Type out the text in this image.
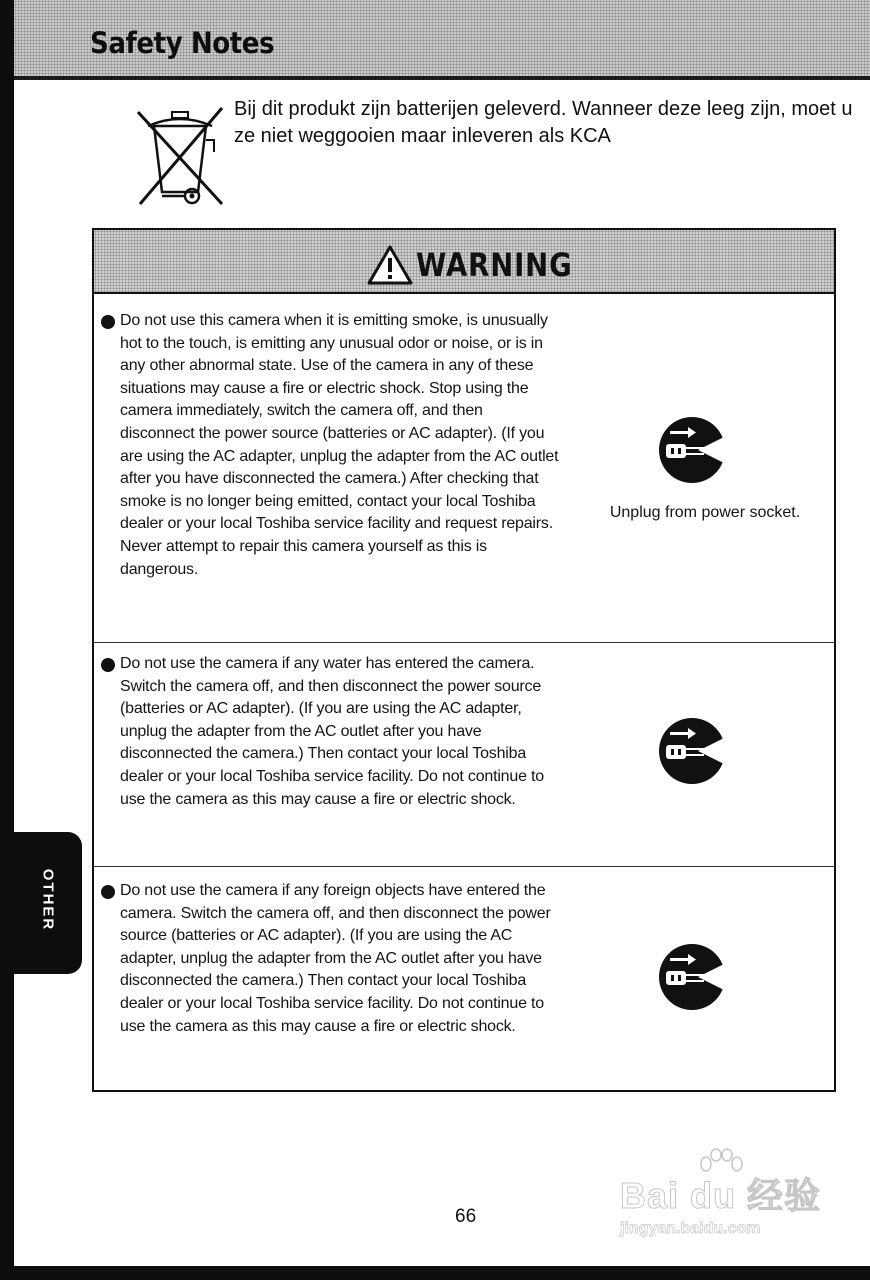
Safety Notes
Bij dit produkt zijn batterijen geleverd. Wanneer deze leeg zijn, moet u ze niet weggooien maar inleveren als KCA
WARNING
Do not use this camera when it is emitting smoke, is unusually hot to the touch, is emitting any unusual odor or noise, or is in any other abnormal state. Use of the camera in any of these situations may cause a fire or electric shock. Stop using the camera immediately, switch the camera off, and then disconnect the power source (batteries or AC adapter). (If you are using the AC adapter, unplug the adapter from the AC outlet after you have disconnected the camera.) After checking that smoke is no longer being emitted, contact your local Toshiba dealer or your local Toshiba service facility and request repairs. Never attempt to repair this camera yourself as this is dangerous.
Unplug from power socket.
Do not use the camera if any water has entered the camera. Switch the camera off, and then disconnect the power source (batteries or AC adapter). (If you are using the AC adapter, unplug the adapter from the AC outlet after you have disconnected the camera.) Then contact your local Toshiba dealer or your local Toshiba service facility. Do not continue to use the camera as this may cause a fire or electric shock.
Do not use the camera if any foreign objects have entered the camera. Switch the camera off, and then disconnect the power source (batteries or AC adapter). (If you are using the AC adapter, unplug the adapter from the AC outlet after you have disconnected the camera.) Then contact your local Toshiba dealer or your local Toshiba service facility. Do not continue to use the camera as this may cause a fire or electric shock.
OTHER
66
Bai du 经验
jingyan.baidu.com
